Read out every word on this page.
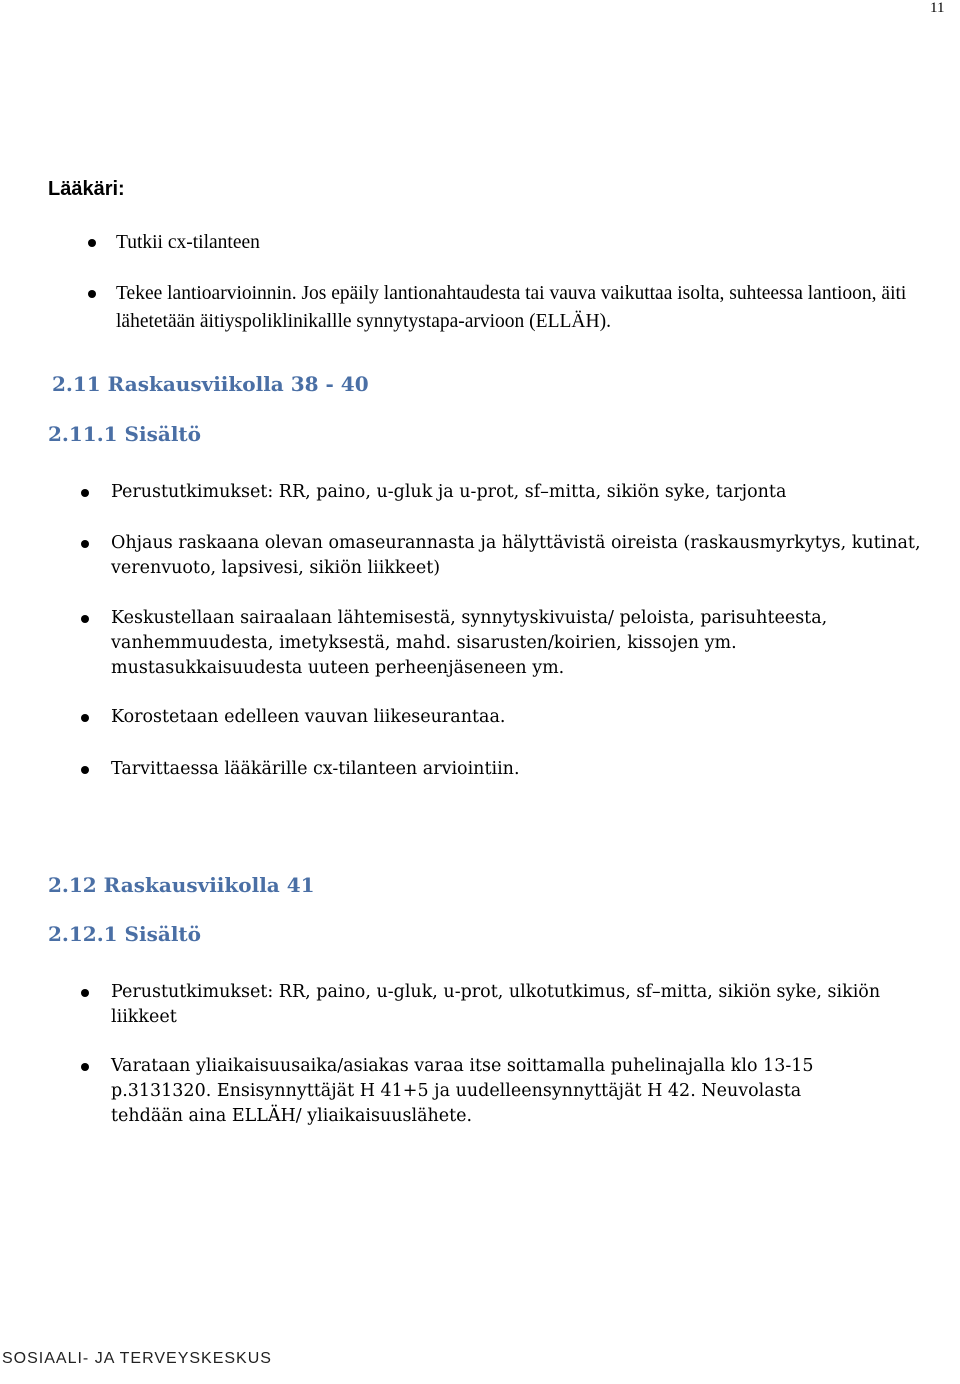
11
Lääkäri:
Tutkii cx-tilanteen
Tekee lantioarvioinnin. Jos epäily lantionahtaudesta tai vauva vaikuttaa isolta, suhteessa lantioon, äiti lähetetään äitiyspoliklinikallle synnytystapa-arvioon (ELLÄH).
2.11 Raskausviikolla 38 - 40
2.11.1 Sisältö
Perustutkimukset: RR, paino, u-gluk ja u-prot, sf–mitta, sikiön syke, tarjonta
Ohjaus raskaana olevan omaseurannasta ja hälyttävistä oireista (raskausmyrkytys, kutinat, verenvuoto, lapsivesi, sikiön liikkeet)
Keskustellaan sairaalaan lähtemisestä, synnytyskivuista/ peloista, parisuhteesta, vanhemmuudesta, imetyksestä, mahd. sisarusten/koirien, kissojen ym. mustasukkaisuudesta uuteen perheenjäseneen ym.
Korostetaan edelleen vauvan liikeseurantaa.
Tarvittaessa lääkärille cx-tilanteen arviointiin.
2.12 Raskausviikolla 41
2.12.1 Sisältö
Perustutkimukset: RR, paino, u-gluk, u-prot, ulkotutkimus, sf–mitta, sikiön syke, sikiön liikkeet
Varataan yliaikaisuusaika/asiakas varaa itse soittamalla puhelinajalla klo 13-15 p.3131320. Ensisynnyttäjät H 41+5 ja uudelleensynnyttäjät H 42. Neuvolasta tehdään aina ELLÄH/ yliaikaisuuslähete.
SOSIAALI- JA TERVEYSKESKUS
